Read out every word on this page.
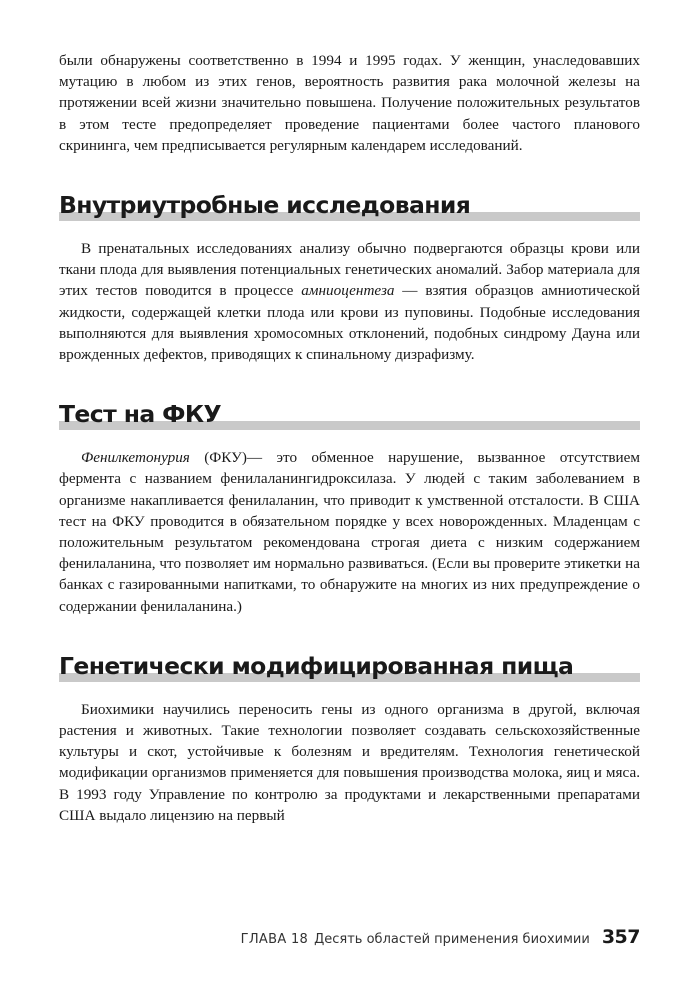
были обнаружены соответственно в 1994 и 1995 годах. У женщин, унаследовавших мутацию в любом из этих генов, вероятность развития рака молочной железы на протяжении всей жизни значительно повышена. Получение положительных результатов в этом тесте предопределяет проведение пациентами более частого планового скрининга, чем предписывается регулярным календарем исследований.

Внутриутробные исследования

В пренатальных исследованиях анализу обычно подвергаются образцы крови или ткани плода для выявления потенциальных генетических аномалий. Забор материала для этих тестов поводится в процессе амниоцентеза — взятия образцов амниотической жидкости, содержащей клетки плода или крови из пуповины. Подобные исследования выполняются для выявления хромосомных отклонений, подобных синдрому Дауна или врожденных дефектов, приводящих к спинальному дизрафизму.

Тест на ФКУ

Фенилкетонурия (ФКУ)— это обменное нарушение, вызванное отсутствием фермента с названием фенилаланингидроксилаза. У людей с таким заболеванием в организме накапливается фенилаланин, что приводит к умственной отсталости. В США тест на ФКУ проводится в обязательном порядке у всех новорожденных. Младенцам с положительным результатом рекомендована строгая диета с низким содержанием фенилаланина, что позволяет им нормально развиваться. (Если вы проверите этикетки на банках с газированными напитками, то обнаружите на многих из них предупреждение о содержании фенилаланина.)

Генетически модифицированная пища

Биохимики научились переносить гены из одного организма в другой, включая растения и животных. Такие технологии позволяет создавать сельскохозяйственные культуры и скот, устойчивые к болезням и вредителям. Технология генетической модификации организмов применяется для повышения производства молока, яиц и мяса. В 1993 году Управление по контролю за продуктами и лекарственными препаратами США выдало лицензию на первый

ГЛАВА 18 Десять областей применения биохимии 357
